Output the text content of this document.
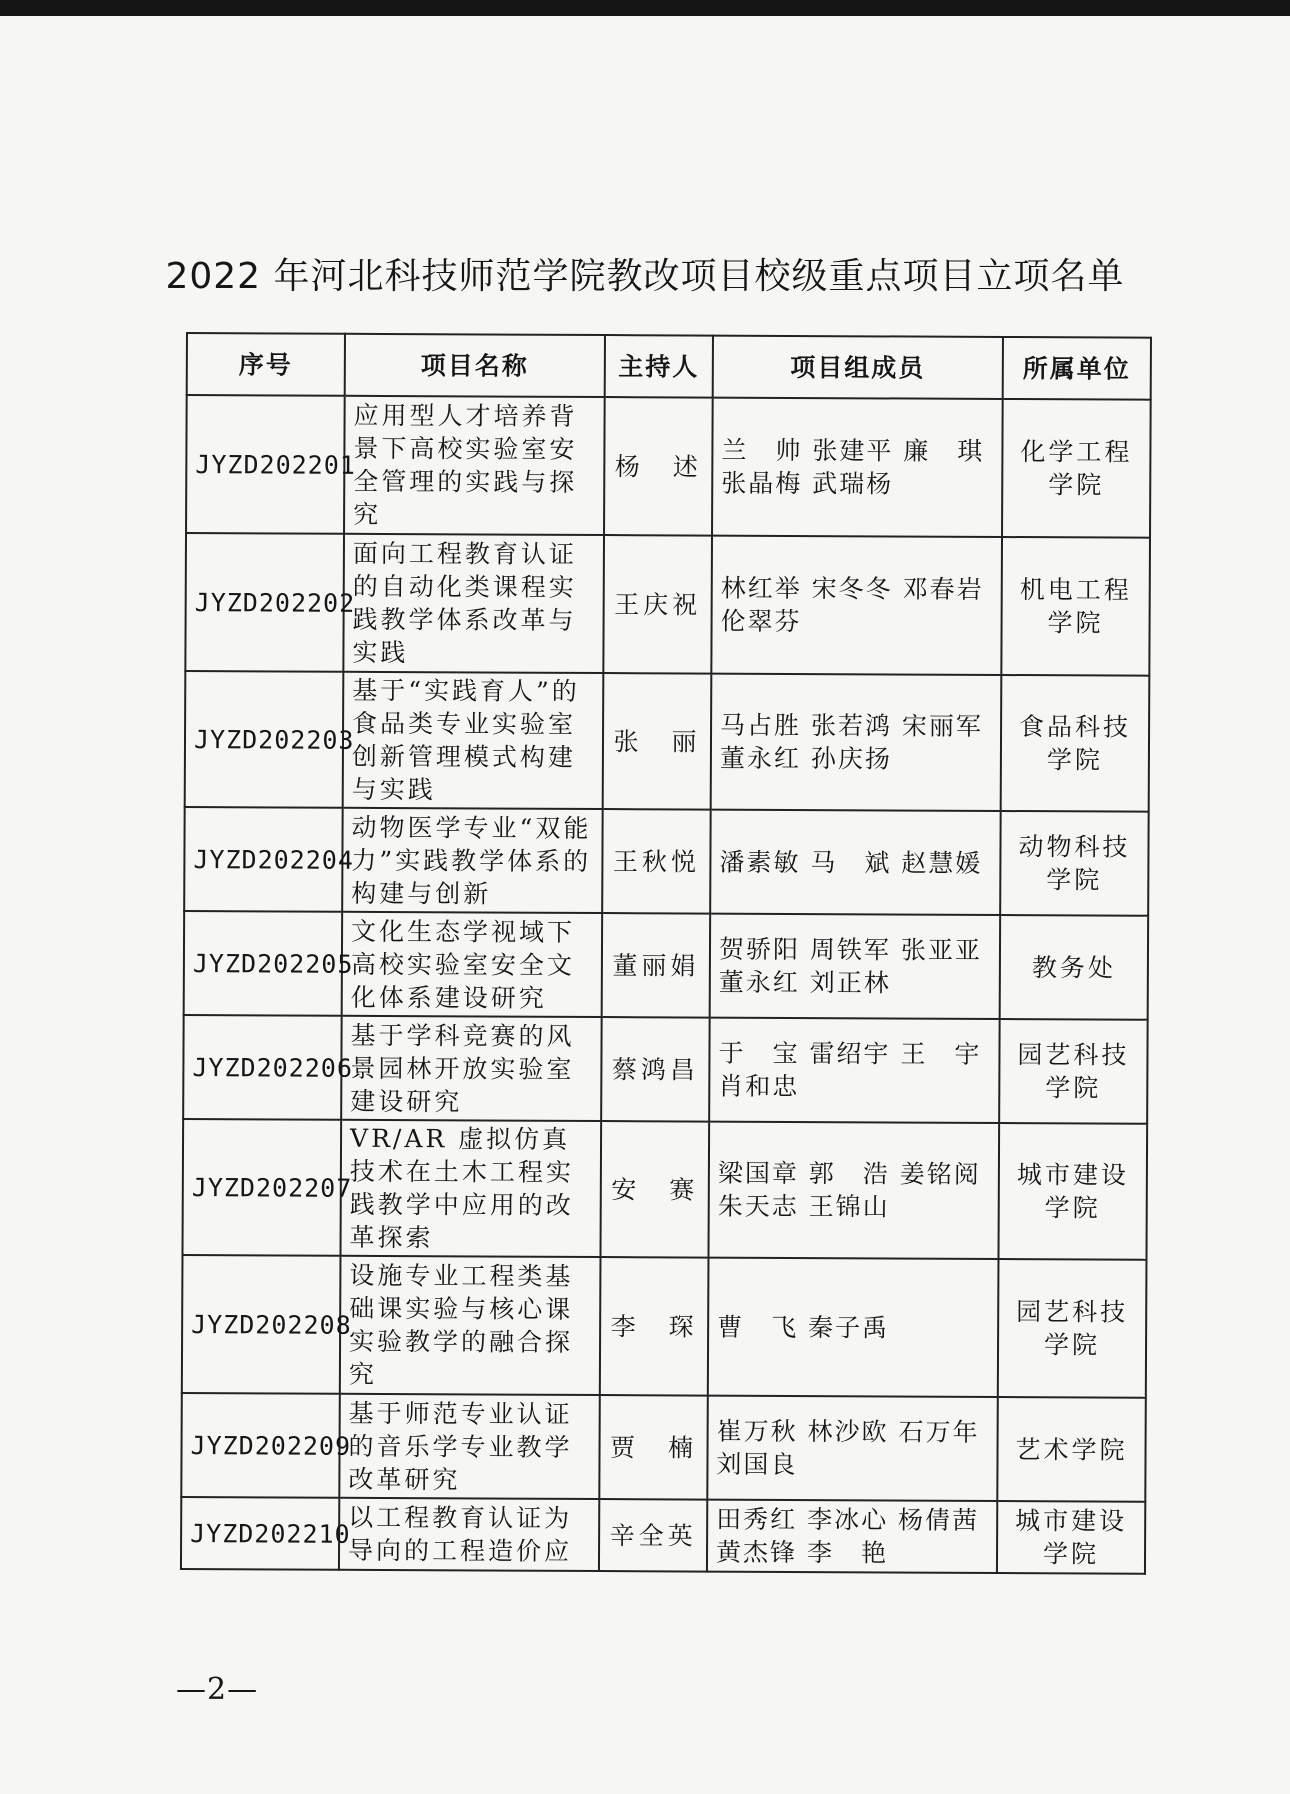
2022 年河北科技师范学院教改项目校级重点项目立项名单
序号	项目名称	主持人	项目组成员	所属单位
JYZD202201	应用型人才培养背景下高校实验室安全管理的实践与探究	杨　述	兰　帅 张建平 廉　琪
张晶梅 武瑞杨	化学工程
学院
JYZD202202	面向工程教育认证的自动化类课程实践教学体系改革与实践	王庆祝	林红举 宋冬冬 邓春岩
伦翠芬	机电工程
学院
JYZD202203	基于“实践育人”的食品类专业实验室创新管理模式构建与实践	张　丽	马占胜 张若鸿 宋丽军
董永红 孙庆扬	食品科技
学院
JYZD202204	动物医学专业“双能力”实践教学体系的构建与创新	王秋悦	潘素敏 马　斌 赵慧媛	动物科技
学院
JYZD202205	文化生态学视域下高校实验室安全文化体系建设研究	董丽娟	贺骄阳 周铁军 张亚亚
董永红 刘正林	教务处
JYZD202206	基于学科竞赛的风景园林开放实验室建设研究	蔡鸿昌	于　宝 雷绍宇 王　宇
肖和忠	园艺科技
学院
JYZD202207	VR/AR 虚拟仿真技术在土木工程实践教学中应用的改革探索	安　赛	梁国章 郭　浩 姜铭阅
朱天志 王锦山	城市建设
学院
JYZD202208	设施专业工程类基础课实验与核心课实验教学的融合探究	李　琛	曹　飞 秦子禹	园艺科技
学院
JYZD202209	基于师范专业认证的音乐学专业教学改革研究	贾　楠	崔万秋 林沙欧 石万年
刘国良	艺术学院
JYZD202210	以工程教育认证为导向的工程造价应	辛全英	田秀红 李冰心 杨倩茜
黄杰锋 李　艳	城市建设
学院
—2—
